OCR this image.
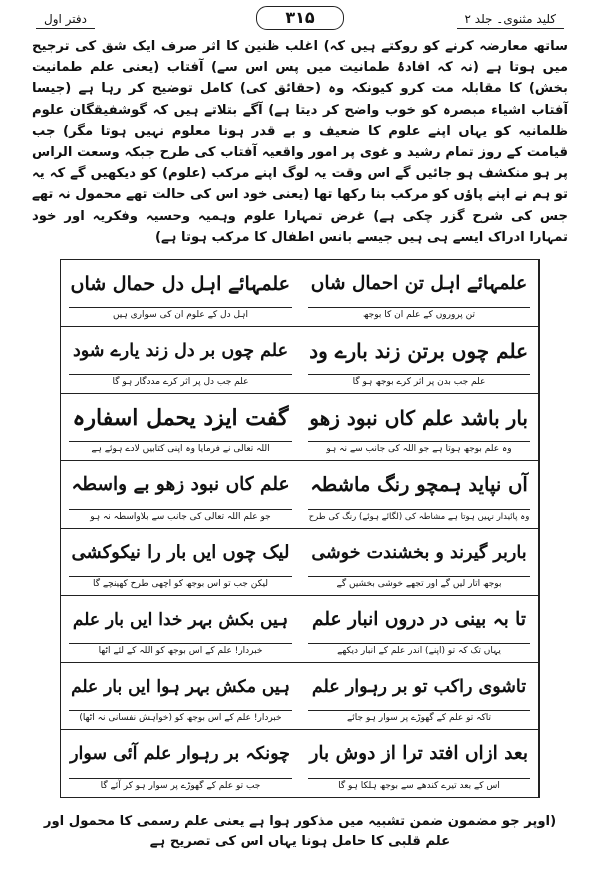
کلید مثنوی۔ جلد ۲
۳۱۵
دفتر اول
ساتھ معارضہ کرنے کو روکتے ہیں کہ) اغلب ظنین کا اثر صرف ایک شق کی ترجیح میں ہوتا ہے (نہ کہ افادۂ طمانیت میں پس اس سے) آفتاب (یعنی علم طمانیت بخش) کا مقابلہ مت کرو کیونکہ وہ (حقائق کی) کامل توضیح کر رہا ہے (جیسا آفتاب اشیاء مبصرہ کو خوب واضح کر دیتا ہے) آگے بتلاتے ہیں کہ گوشفیقگان علوم ظلمانیہ کو یہاں اپنے علوم کا ضعیف و بے قدر ہونا معلوم نہیں ہوتا مگر) جب قیامت کے روز تمام رشید و غوی پر امور واقعیہ آفتاب کی طرح جبکہ وسعت الراس پر ہو منکشف ہو جائیں گے اس وقت یہ لوگ اپنے مرکب (علوم) کو دیکھیں گے کہ یہ تو ہم نے اپنے پاؤں کو مرکب بنا رکھا تھا (یعنی خود اس کی حالت تھے محمول نہ تھے جس کی شرح گزر چکی ہے) غرض تمہارا علوم وہمیہ وحسیہ وفکریہ اور خود تمہارا ادراک ایسے ہی ہیں جیسے بانس اطفال کا مرکب ہوتا ہے)
علمہائے اہل دل حمال شاں
اہل دل کے علوم ان کی سواری ہیں
علمہائے اہل تن احمال شاں
تن پروروں کے علم ان کا بوجھ
علم چوں بر دل زند یارے شود
علم جب دل پر اثر کرے مددگار ہو گا
علم چوں برتن زند بارے ود
علم جب بدن پر اثر کرے بوجھ ہو گا
گفت ایزد یحمل اسفارہ
اللہ تعالی نے فرمایا وہ اپنی کتابیں لادے ہوئے ہے
بار باشد علم کاں نبود زھو
وہ علم بوجھ ہوتا ہے جو اللہ کی جانب سے نہ ہو
علم کاں نبود زھو بے واسطہ
جو علم اللہ تعالی کی جانب سے بلاواسطہ نہ ہو
آں نپاید ہمچو رنگ ماشطہ
وہ پائیدار نہیں ہوتا ہے مشاطہ کی (لگائے ہوئے) رنگ کی طرح
لیک چوں ایں بار را نیکوکشی
لیکن جب تو اس بوجھ کو اچھی طرح کھینچے گا
باربر گیرند و بخشندت خوشی
بوجھ اتار لیں گے اور تجھے خوشی بخشیں گے
ہیں بکش بہر خدا ایں بار علم
خبردار! علم کے اس بوجھ کو اللہ کے لئے اٹھا
تا بہ بینی در دروں انبار علم
یہاں تک کہ تو (اپنے) اندر علم کے انبار دیکھے
ہیں مکش بہر ہوا ایں بار علم
خبردار! علم کے اس بوجھ کو (خواہش نفسانی نہ اٹھا)
تاشوی راکب تو بر رہوار علم
تاکہ تو علم کے گھوڑے پر سوار ہو جائے
چونکہ بر رہوار علم آئی سوار
جب تو علم کے گھوڑے پر سوار ہو کر آئے گا
بعد ازاں افتد ترا از دوش بار
اس کے بعد تیرے کندھے سے بوجھ ہلکا ہو گا
(اوپر جو مضمون ضمن تشبیہ میں مذکور ہوا ہے یعنی علم رسمی کا محمول اور علم قلبی کا حامل ہونا یہاں اس کی تصریح ہے
